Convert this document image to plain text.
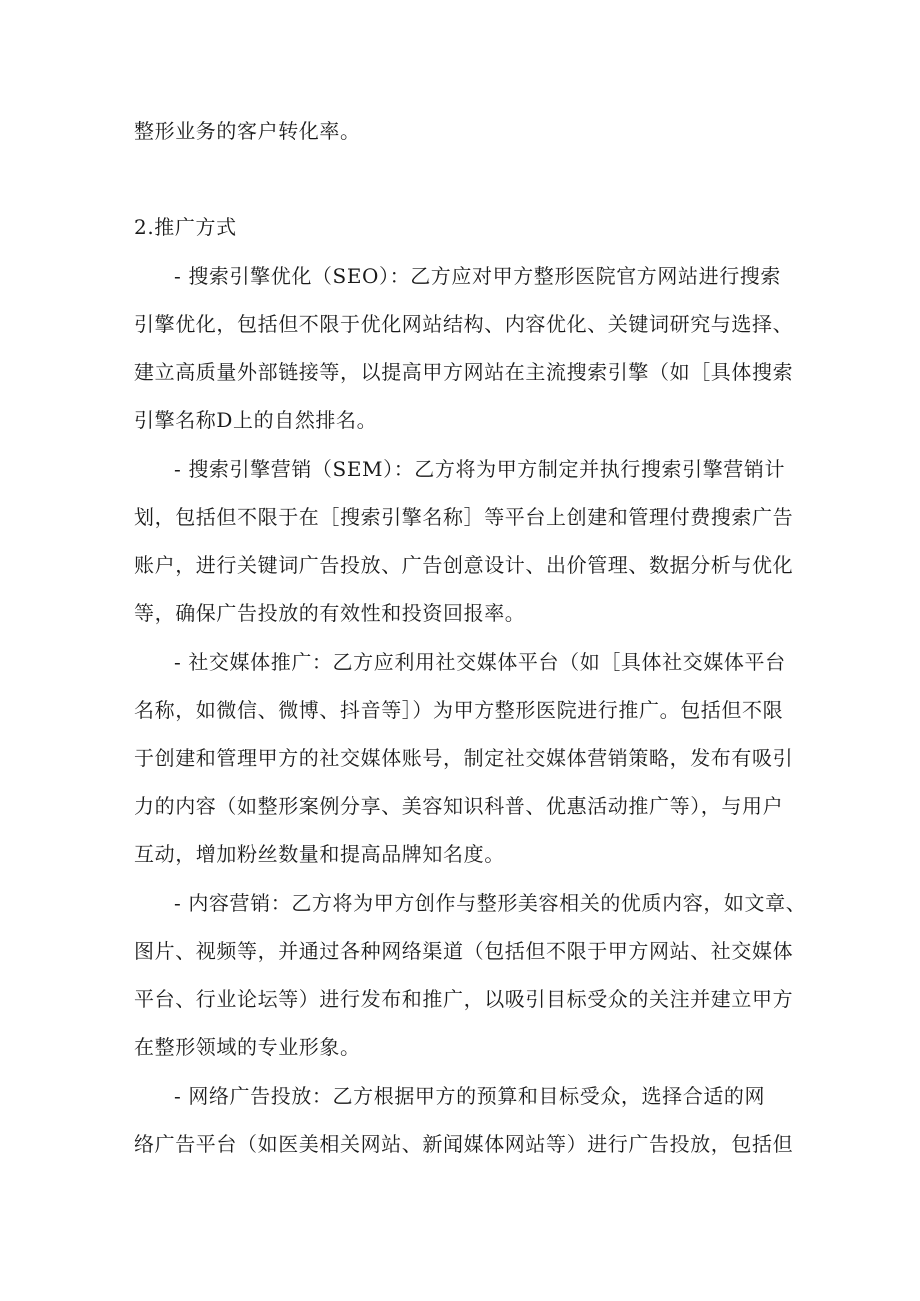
整形业务的客户转化率。

2.推广方式

- 搜索引擎优化（SEO）：乙方应对甲方整形医院官方网站进行搜索

引擎优化，包括但不限于优化网站结构、内容优化、关键词研究与选择、

建立高质量外部链接等，以提高甲方网站在主流搜索引擎（如［具体搜索

引擎名称D上的自然排名。

- 搜索引擎营销（SEM）：乙方将为甲方制定并执行搜索引擎营销计

划，包括但不限于在［搜索引擎名称］等平台上创建和管理付费搜索广告

账户，进行关键词广告投放、广告创意设计、出价管理、数据分析与优化

等，确保广告投放的有效性和投资回报率。

- 社交媒体推广：乙方应利用社交媒体平台（如［具体社交媒体平台

名称，如微信、微博、抖音等］）为甲方整形医院进行推广。包括但不限

于创建和管理甲方的社交媒体账号，制定社交媒体营销策略，发布有吸引

力的内容（如整形案例分享、美容知识科普、优惠活动推广等），与用户

互动，增加粉丝数量和提高品牌知名度。

- 内容营销：乙方将为甲方创作与整形美容相关的优质内容，如文章、

图片、视频等，并通过各种网络渠道（包括但不限于甲方网站、社交媒体

平台、行业论坛等）进行发布和推广，以吸引目标受众的关注并建立甲方

在整形领域的专业形象。

- 网络广告投放：乙方根据甲方的预算和目标受众，选择合适的网

络广告平台（如医美相关网站、新闻媒体网站等）进行广告投放，包括但
